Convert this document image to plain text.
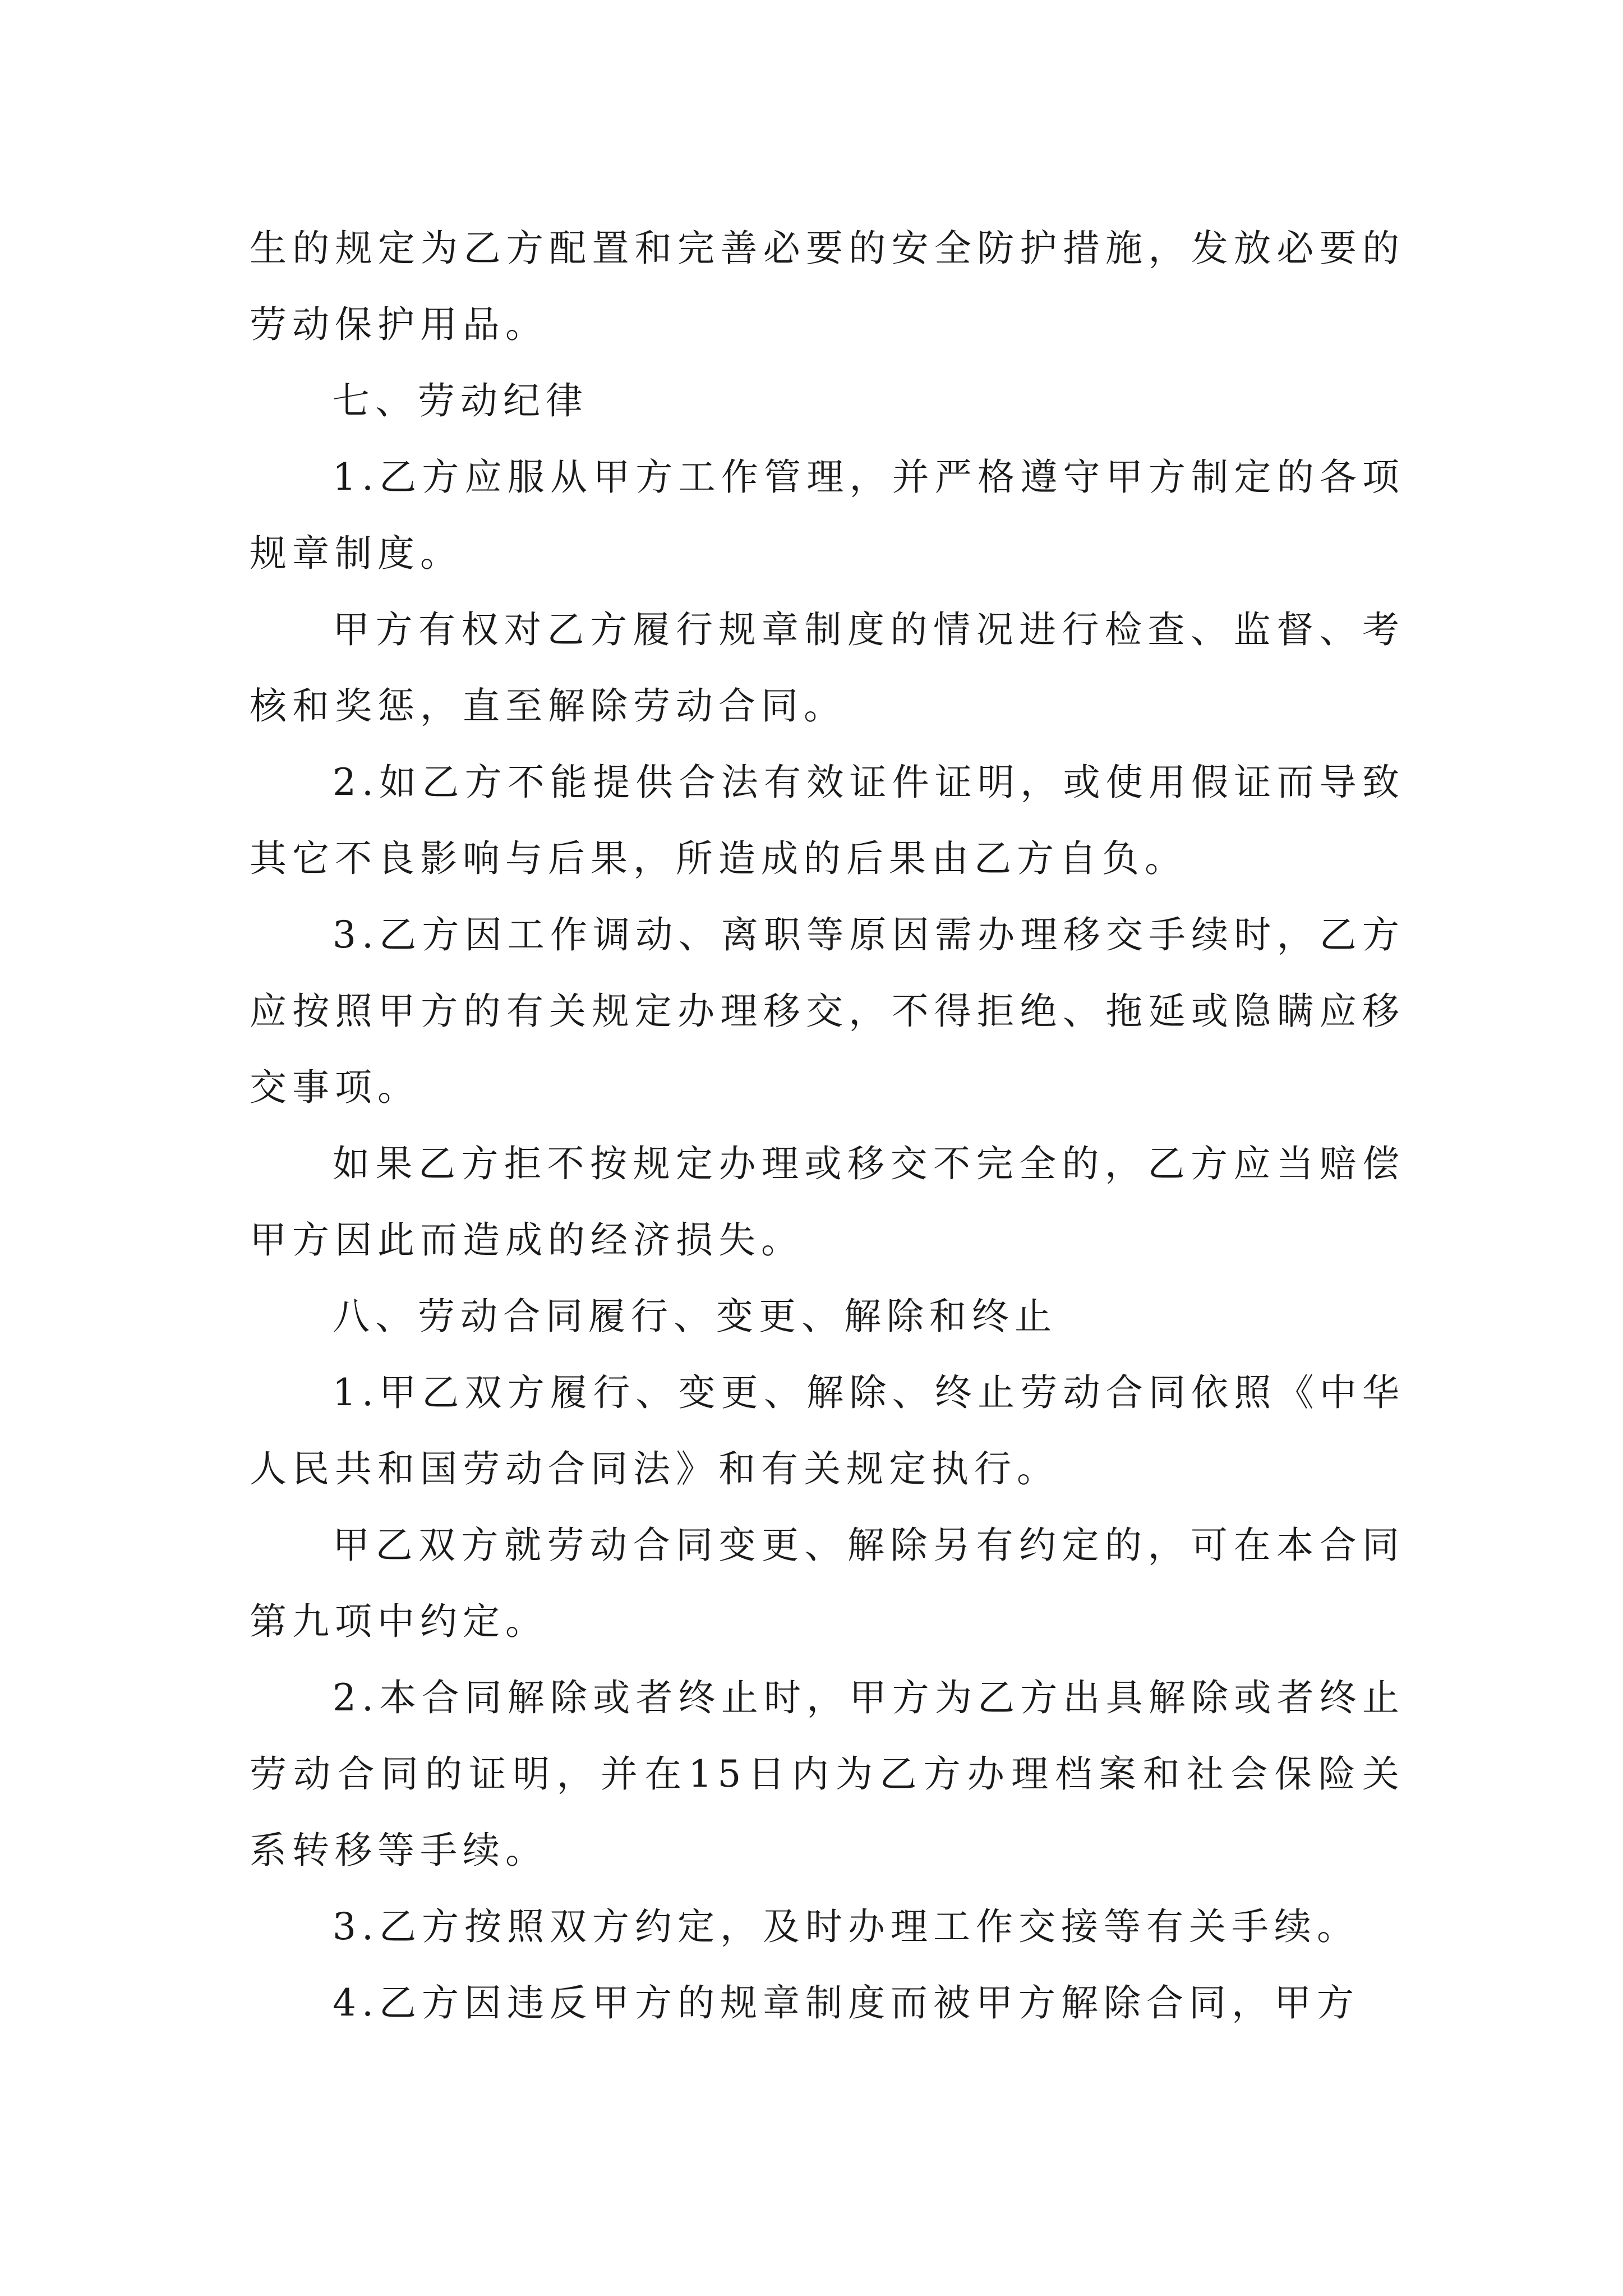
生的规定为乙方配置和完善必要的安全防护措施，发放必要的劳动保护用品。

七、劳动纪律

1.乙方应服从甲方工作管理，并严格遵守甲方制定的各项规章制度。

甲方有权对乙方履行规章制度的情况进行检查、监督、考核和奖惩，直至解除劳动合同。

2.如乙方不能提供合法有效证件证明，或使用假证而导致其它不良影响与后果，所造成的后果由乙方自负。

3.乙方因工作调动、离职等原因需办理移交手续时，乙方应按照甲方的有关规定办理移交，不得拒绝、拖延或隐瞒应移交事项。

如果乙方拒不按规定办理或移交不完全的，乙方应当赔偿甲方因此而造成的经济损失。

八、劳动合同履行、变更、解除和终止

1.甲乙双方履行、变更、解除、终止劳动合同依照《中华人民共和国劳动合同法》和有关规定执行。

甲乙双方就劳动合同变更、解除另有约定的，可在本合同第九项中约定。

2.本合同解除或者终止时，甲方为乙方出具解除或者终止劳动合同的证明，并在15日内为乙方办理档案和社会保险关系转移等手续。

3.乙方按照双方约定，及时办理工作交接等有关手续。

4.乙方因违反甲方的规章制度而被甲方解除合同，甲方
